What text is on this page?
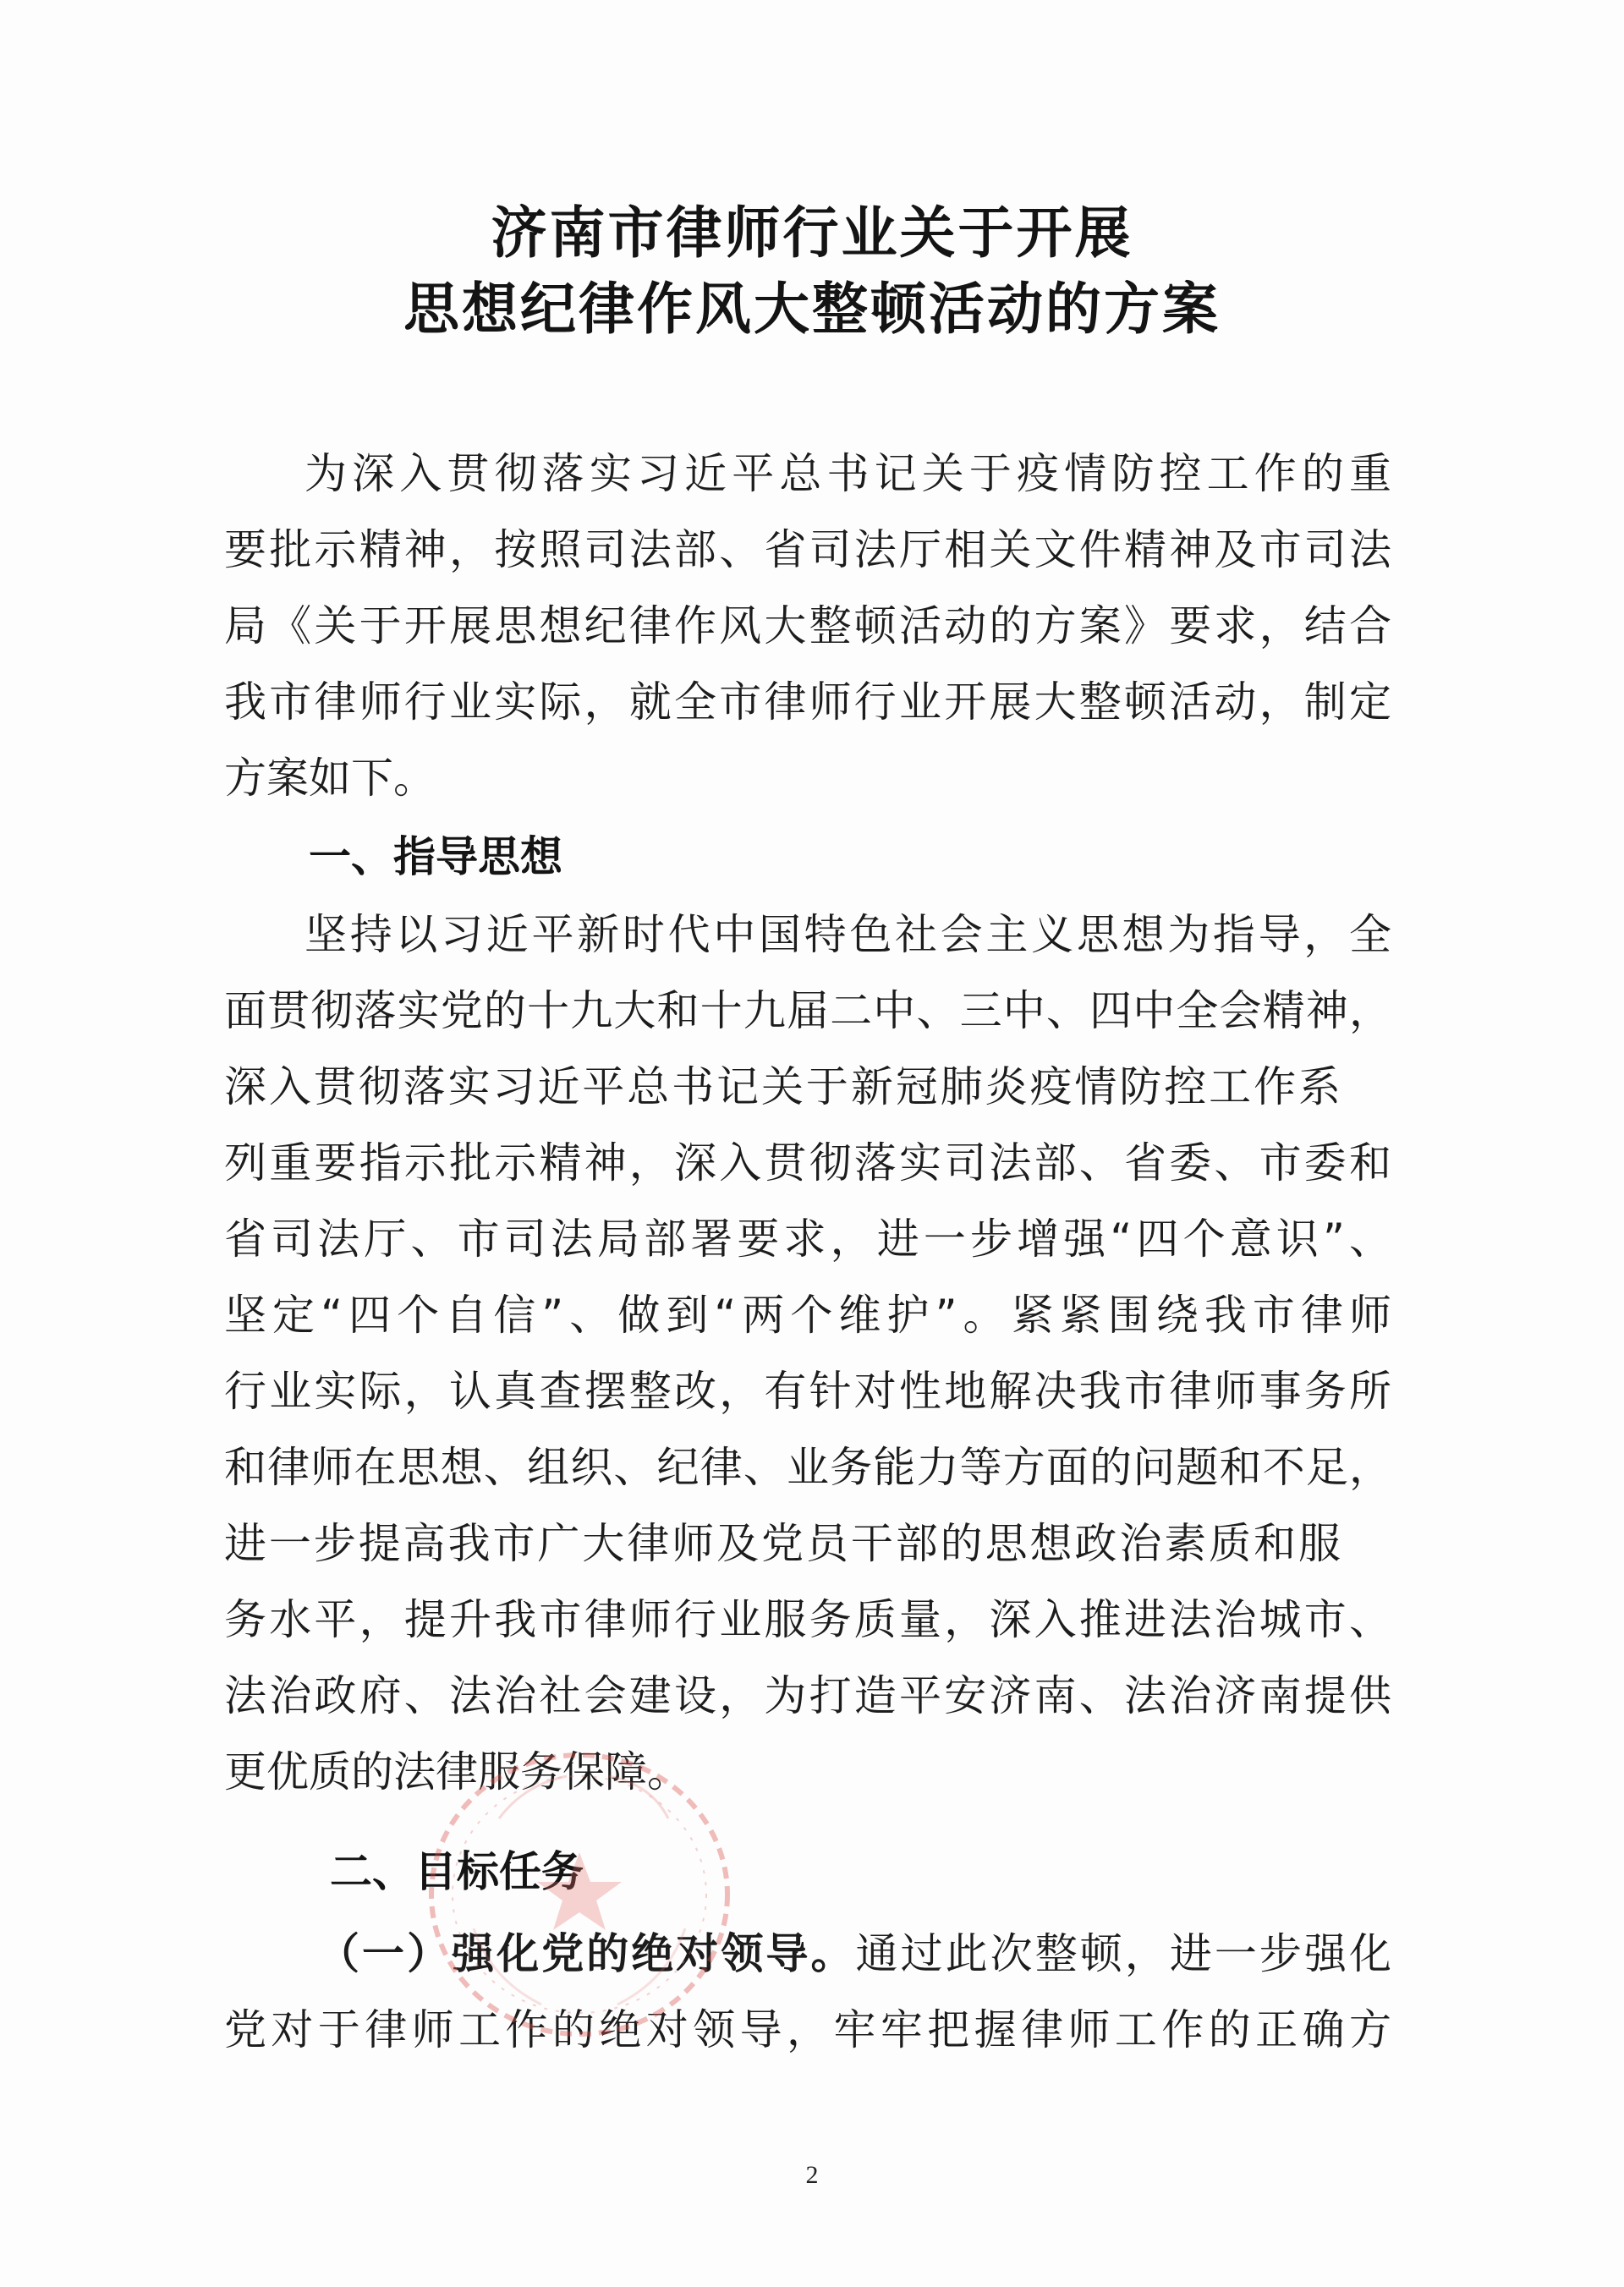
济南市律师行业关于开展
思想纪律作风大整顿活动的方案
为深入贯彻落实习近平总书记关于疫情防控工作的重
要批示精神，按照司法部、省司法厅相关文件精神及市司法
局《关于开展思想纪律作风大整顿活动的方案》要求，结合
我市律师行业实际，就全市律师行业开展大整顿活动，制定
方案如下。
一、指导思想
坚持以习近平新时代中国特色社会主义思想为指导，全
面贯彻落实党的十九大和十九届二中、三中、四中全会精神，
深入贯彻落实习近平总书记关于新冠肺炎疫情防控工作系
列重要指示批示精神，深入贯彻落实司法部、省委、市委和
省司法厅、市司法局部署要求，进一步增强“四个意识”、
坚定“四个自信”、做到“两个维护”。紧紧围绕我市律师
行业实际，认真查摆整改，有针对性地解决我市律师事务所
和律师在思想、组织、纪律、业务能力等方面的问题和不足，
进一步提高我市广大律师及党员干部的思想政治素质和服
务水平，提升我市律师行业服务质量，深入推进法治城市、
法治政府、法治社会建设，为打造平安济南、法治济南提供
更优质的法律服务保障。
二、目标任务
（一）强化党的绝对领导。通过此次整顿，进一步强化
党对于律师工作的绝对领导，牢牢把握律师工作的正确方
2
